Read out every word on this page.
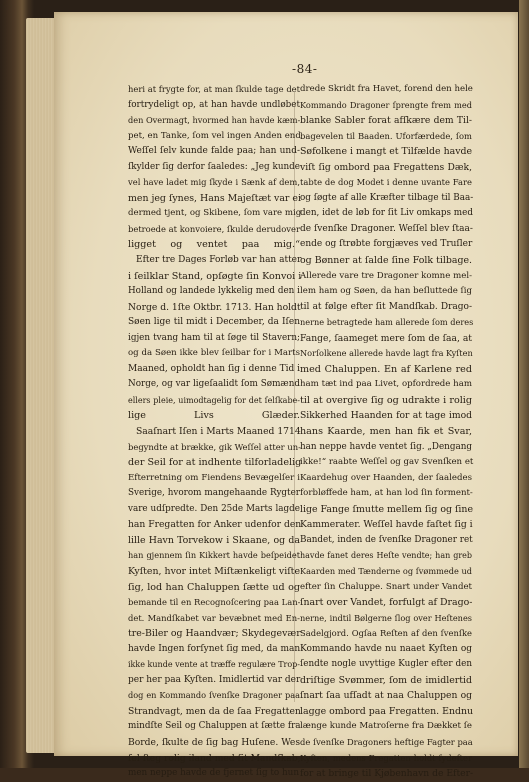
-84-
heri at frygte for, at man ſkulde tage det
fortrydeligt op, at han havde undløbet
den Overmagt, hvormed han havde kæm-
pet, en Tanke, ſom vel ingen Anden end
Weſſel ſelv kunde falde paa; han und-
ſkylder ſig derfor ſaaledes: „Jeg kunde
vel have ladet mig ſkyde i Sænk af dem,
men jeg ſynes, Hans Majeſtæt var ei
dermed tjent, og Skibene, ſom vare mig
betroede at konvoiere, ſkulde derudover
ligget og ventet paa mig.“
Efter tre Dages Forløb var han atter
i ſeilklar Stand, opſøgte ſin Konvoi i
Holland og landede lykkelig med den i
Norge d. 1ſte Oktbr. 1713. Han holdt
Søen lige til midt i December, da Iſen
igjen tvang ham til at ſøge til Stavern;
og da Søen ikke blev ſeilbar for i Marts
Maaned, opholdt han ſig i denne Tid i
Norge, og var ligeſaalidt ſom Sømænd
ellers pleie, uimodtagelig for det ſelſkabe-
lige Livs Glæder.
Saaſnart Iſen i Marts Maaned 1714
begyndte at brække, gik Weſſel atter un-
der Seil for at indhente tilforladelig
Efterretning om Fiendens Bevægelſer i
Sverige, hvorom mangehaande Rygter
vare udſpredte. Den 25de Marts lagde
han Fregatten for Anker udenfor den
lille Havn Torvekow i Skaane, og da
han gjennem ſin Kikkert havde beſpeidet
Kyſten, hvor intet Miſtænkeligt viſte
ſig, lod han Chaluppen ſætte ud og
bemande til en Recognoſcering paa Lan-
det. Mandſkabet var bevæbnet med En-
tre-Biler og Haandvær; Skydegevær
havde Ingen forſynet ſig med, da man
ikke kunde vente at træffe regulære Trop-
per her paa Kyſten. Imidlertid var der
dog en Kommando ſvenſke Dragoner paa
Strandvagt, men da de ſaa Fregatten
mindſte Seil og Chaluppen at ſætte fra
Borde, ſkulte de ſig bag Huſene. Wes
ſel ſteg rolig iland med ſit Mandſkab,
men neppe havde de fjernet ſig to hun
drede Skridt fra Havet, forend den hele
Kommando Dragoner ſprengte frem med
blanke Sabler forat afſkære dem Til-
bagevelen til Baaden. Uforfærdede, ſom
Søfolkene i mangt et Tilfælde havde
viſt ſig ombord paa Fregattens Dæk,
tabte de dog Modet i denne uvante Fare
og ſøgte af alle Kræfter tilbage til Baa-
den, idet de løb for ſit Liv omkaps med
de ſvenſke Dragoner. Weſſel blev ſtaa-
ende og ſtrøbte forgjæves ved Truſler
og Bønner at ſalde ſine Folk tilbage.
Allerede vare tre Dragoner komne mel-
lem ham og Søen, da han beſluttede ſig
til at følge efter ſit Mandſkab. Drago-
nerne betragtede ham allerede ſom deres
Fange, ſaameget mere ſom de ſaa, at
Norſolkene allerede havde lagt fra Kyſten
med Chaluppen. En af Karlene red
ham tæt ind paa Livet, opfordrede ham
til at overgive ſig og udrakte i rolig
Sikkerhed Haanden for at tage imod
hans Kaarde, men han fik et Svar,
han neppe havde ventet ſig. „Dengang
ikke!“ raabte Weſſel og gav Svenſken et
Kaardehug over Haanden, der ſaaledes
forbløffede ham, at han lod ſin forment-
lige Fange ſmutte mellem ſig og ſine
Kammerater. Weſſel havde faſtet ſig i
Bandet, inden de ſvenſke Dragoner ret
havde fanet deres Heſte vendte; han greb
Kaarden med Tænderne og ſvømmede ud
efter ſin Chaluppe. Snart under Vandet
ſnart over Vandet, forfulgt af Drago-
nerne, indtil Bølgerne ſlog over Heſtenes
Sadelgjord. Ogſaa Reſten af den ſvenſke
Kommando havde nu naaet Kyſten og
ſendte nogle uvyttige Kugler efter den
driſtige Svømmer, ſom de imidlertid
ſnart ſaa ufſadt at naa Chaluppen og
lagge ombord paa Fregatten. Endnu
længe kunde Matroſerne fra Dækket ſe
de ſvenſke Dragoners heftige Fagter paa
Kyſten, medens Fregatten holdt ſydefter
for at bringe til Kjøbenhavn de Efter-
